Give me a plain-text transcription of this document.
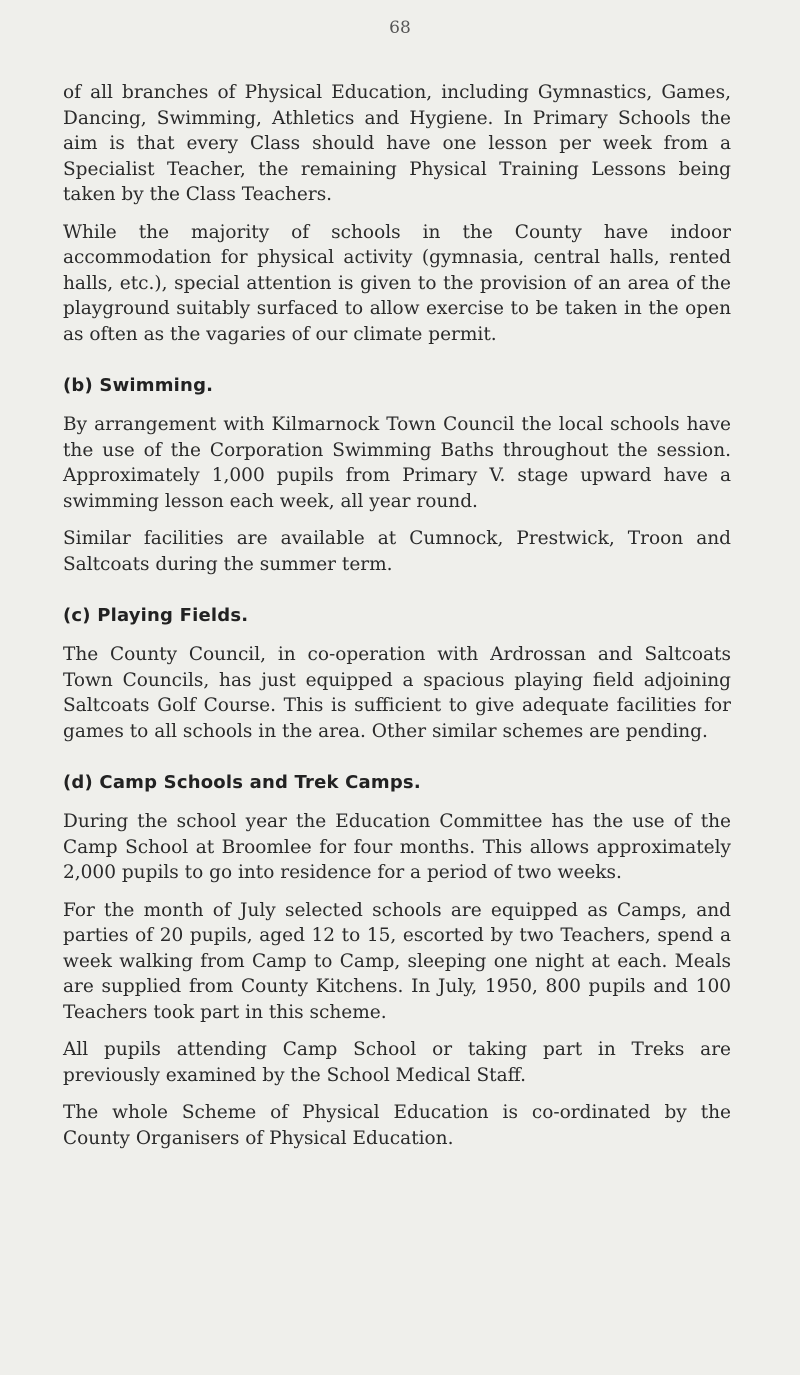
68

of all branches of Physical Education, including Gymnastics, Games, Dancing, Swimming, Athletics and Hygiene. In Primary Schools the aim is that every Class should have one lesson per week from a Specialist Teacher, the remaining Physical Training Lessons being taken by the Class Teachers.

While the majority of schools in the County have indoor accommodation for physical activity (gymnasia, central halls, rented halls, etc.), special attention is given to the provision of an area of the playground suitably surfaced to allow exercise to be taken in the open as often as the vagaries of our climate permit.

(b) Swimming.

By arrangement with Kilmarnock Town Council the local schools have the use of the Corporation Swimming Baths throughout the session. Approximately 1,000 pupils from Primary V. stage upward have a swimming lesson each week, all year round.

Similar facilities are available at Cumnock, Prestwick, Troon and Saltcoats during the summer term.

(c) Playing Fields.

The County Council, in co-operation with Ardrossan and Saltcoats Town Councils, has just equipped a spacious playing field adjoining Saltcoats Golf Course. This is sufficient to give adequate facilities for games to all schools in the area. Other similar schemes are pending.

(d) Camp Schools and Trek Camps.

During the school year the Education Committee has the use of the Camp School at Broomlee for four months. This allows approximately 2,000 pupils to go into residence for a period of two weeks.

For the month of July selected schools are equipped as Camps, and parties of 20 pupils, aged 12 to 15, escorted by two Teachers, spend a week walking from Camp to Camp, sleeping one night at each. Meals are supplied from County Kitchens. In July, 1950, 800 pupils and 100 Teachers took part in this scheme.

All pupils attending Camp School or taking part in Treks are previously examined by the School Medical Staff.

The whole Scheme of Physical Education is co-ordinated by the County Organisers of Physical Education.
